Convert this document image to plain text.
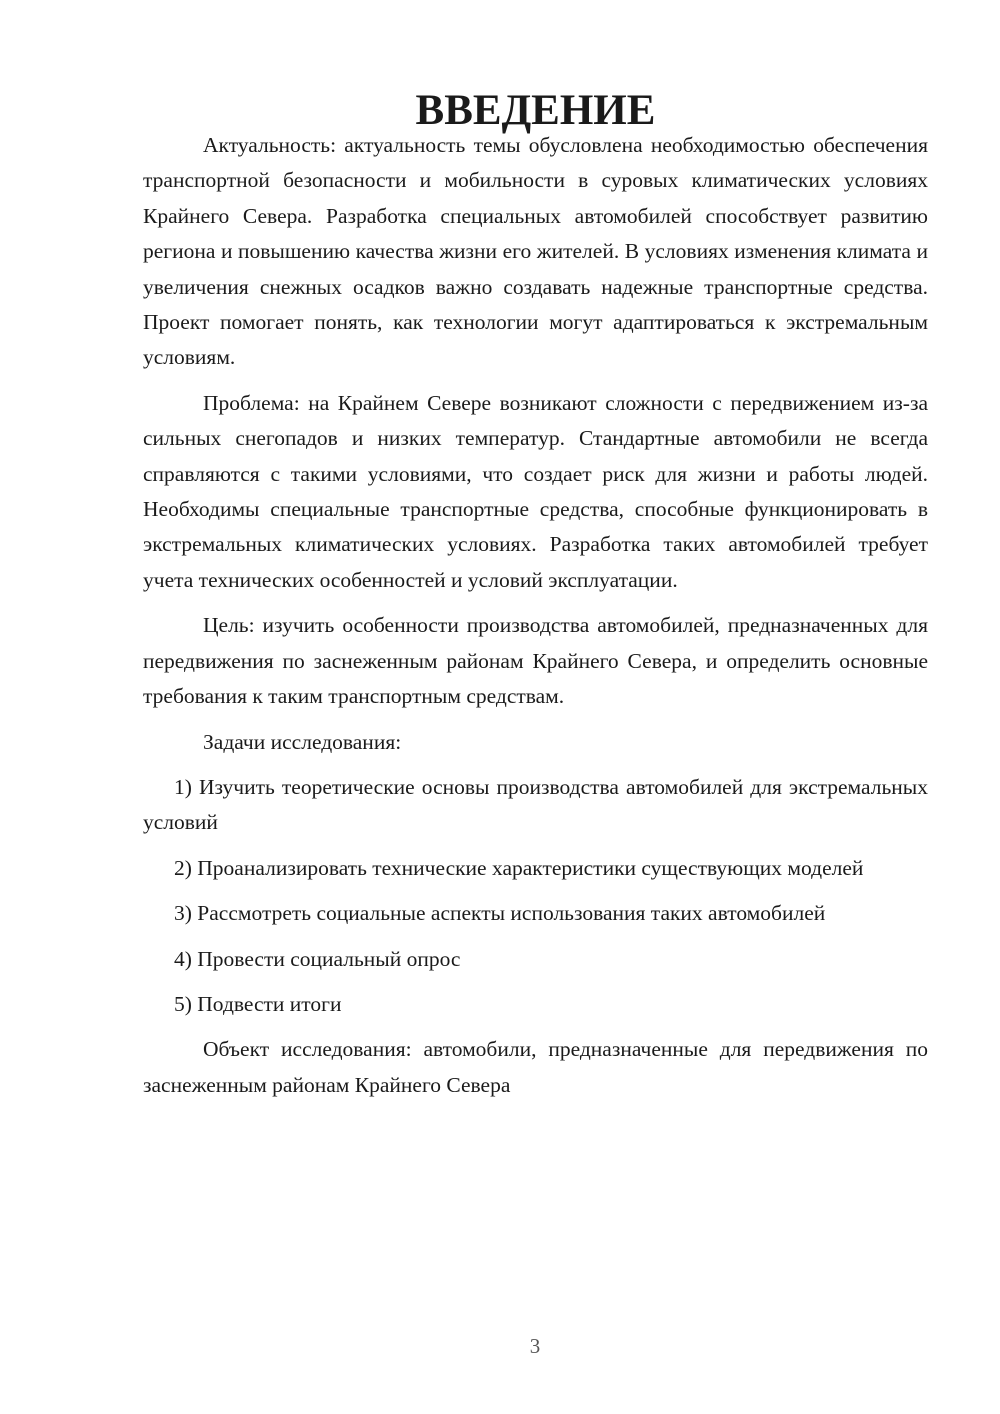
ВВЕДЕНИЕ

Актуальность: актуальность темы обусловлена необходимостью обеспечения транспортной безопасности и мобильности в суровых климатических условиях Крайнего Севера. Разработка специальных автомобилей способствует развитию региона и повышению качества жизни его жителей. В условиях изменения климата и увеличения снежных осадков важно создавать надежные транспортные средства. Проект помогает понять, как технологии могут адаптироваться к экстремальным условиям.

Проблема: на Крайнем Севере возникают сложности с передвижением из-за сильных снегопадов и низких температур. Стандартные автомобили не всегда справляются с такими условиями, что создает риск для жизни и работы людей. Необходимы специальные транспортные средства, способные функционировать в экстремальных климатических условиях. Разработка таких автомобилей требует учета технических особенностей и условий эксплуатации.

Цель: изучить особенности производства автомобилей, предназначенных для передвижения по заснеженным районам Крайнего Севера, и определить основные требования к таким транспортным средствам.

Задачи исследования:

1) Изучить теоретические основы производства автомобилей для экстремальных условий

2) Проанализировать технические характеристики существующих моделей

3) Рассмотреть социальные аспекты использования таких автомобилей

4) Провести социальный опрос

5) Подвести итоги

Объект исследования: автомобили, предназначенные для передвижения по заснеженным районам Крайнего Севера

3
